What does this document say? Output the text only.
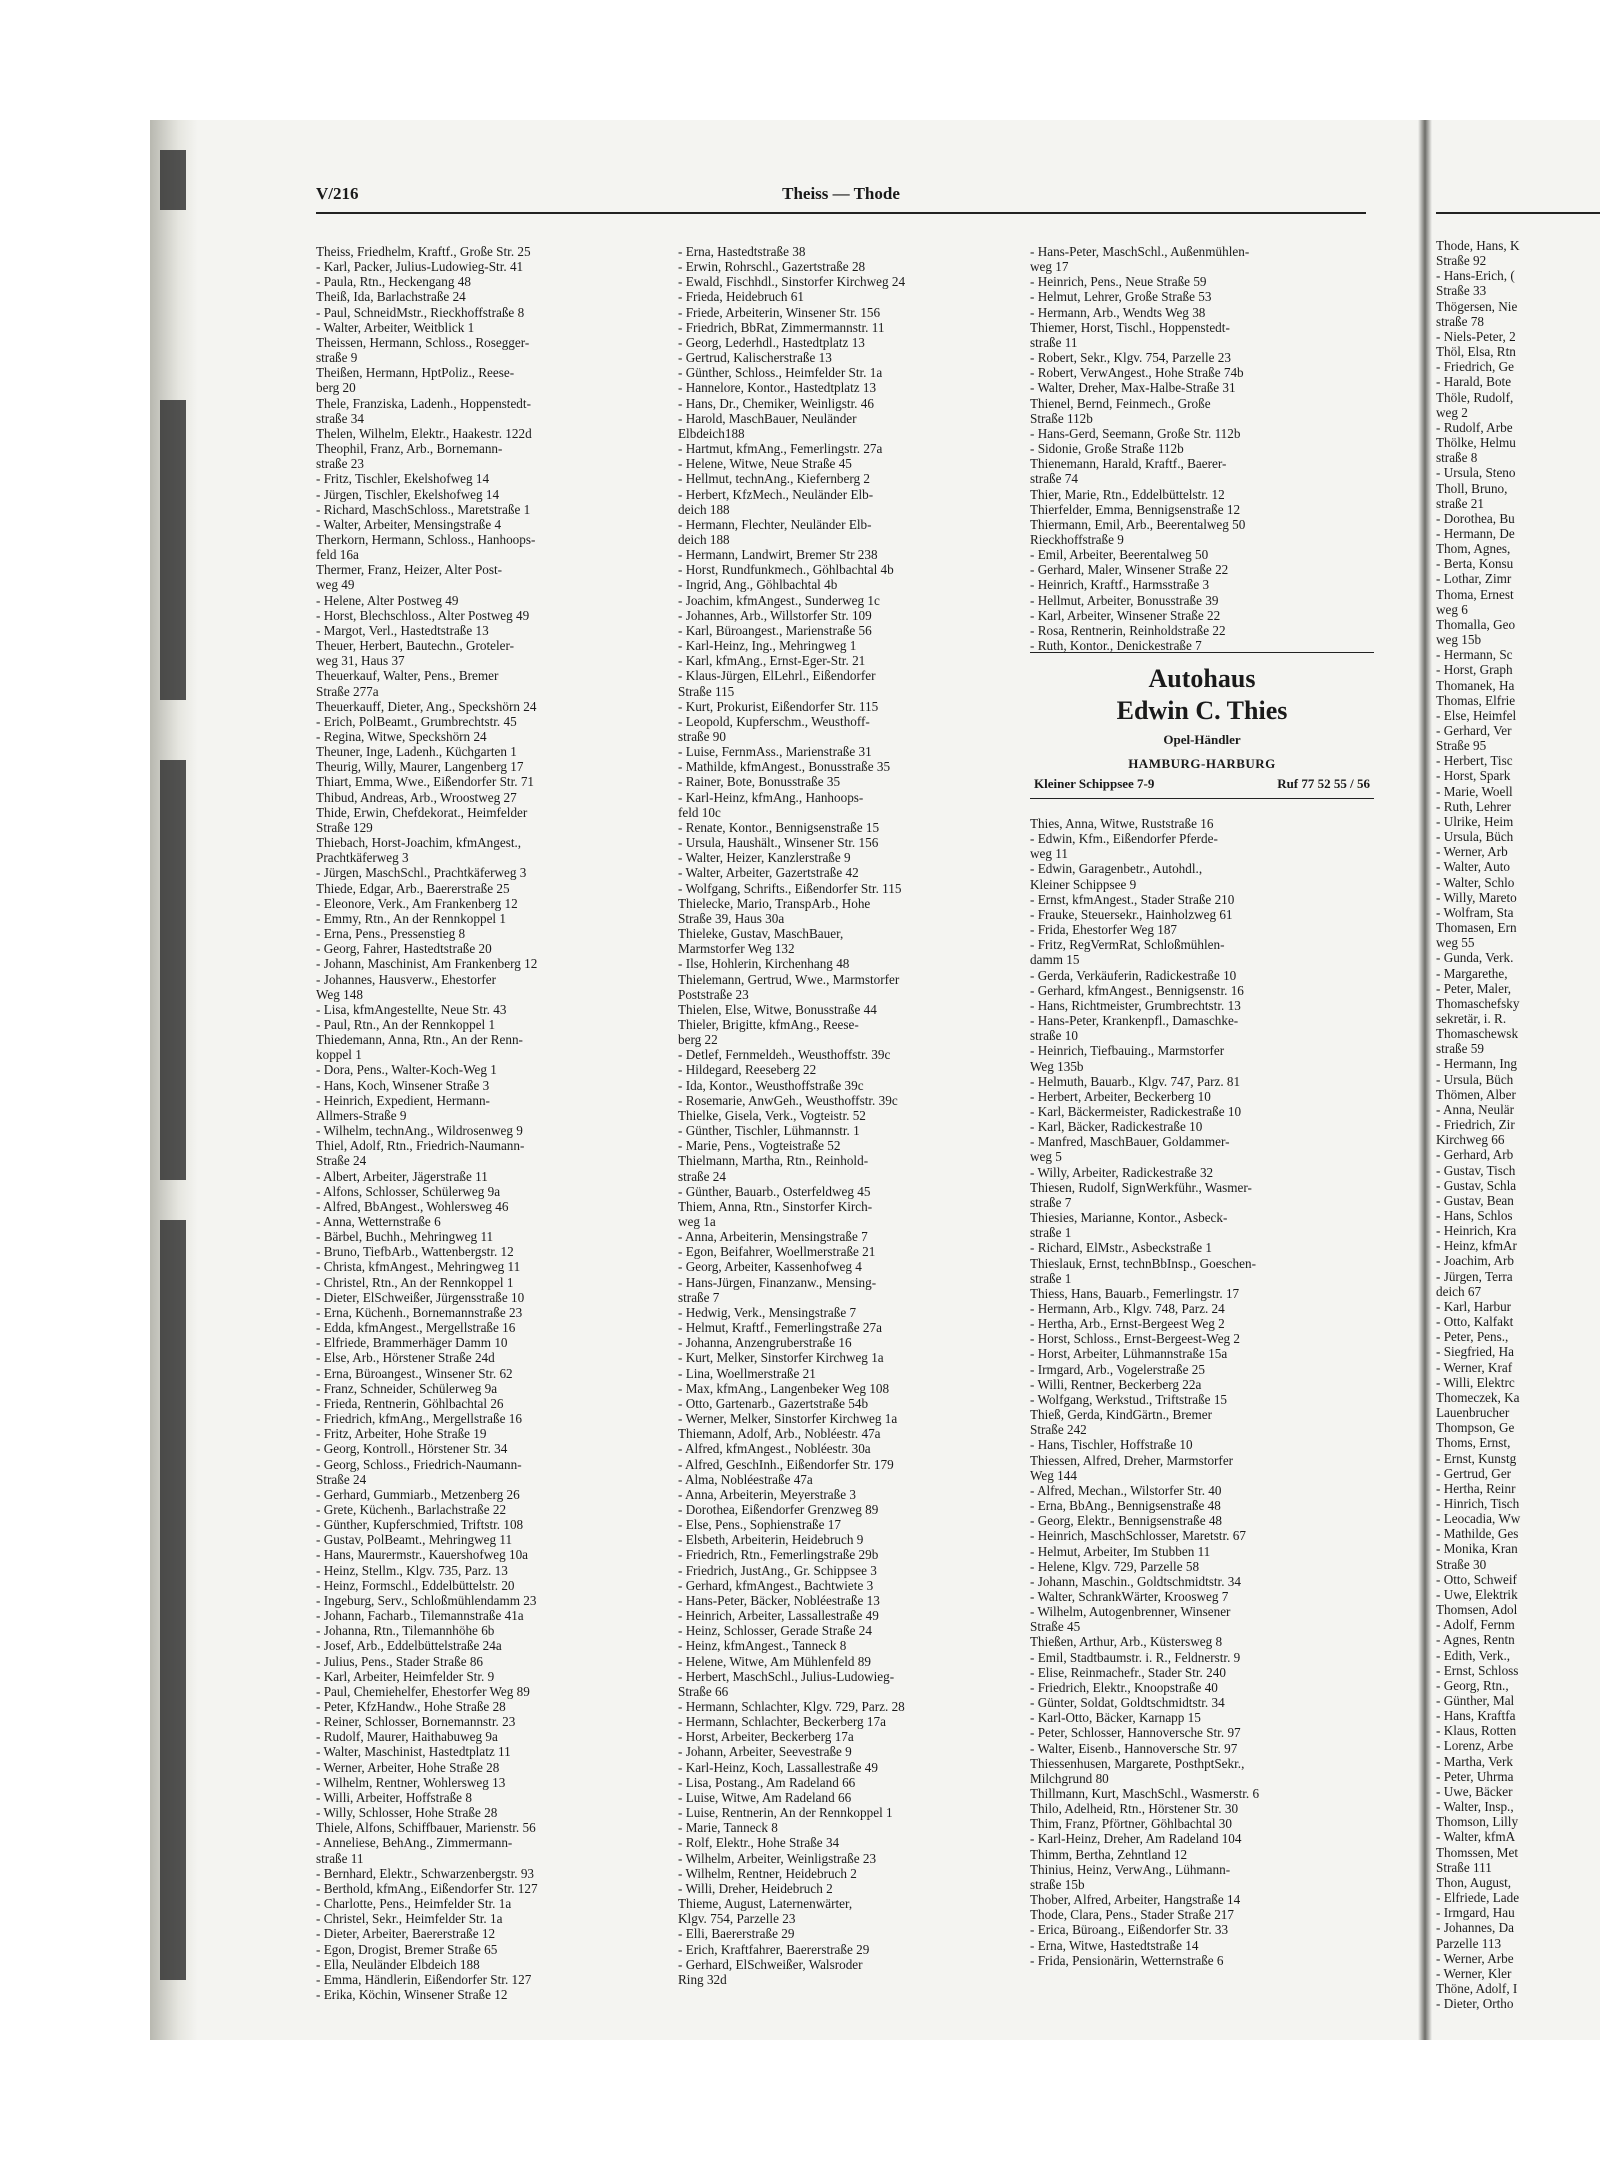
V/216	Theiss — Thode
Theiss, Friedhelm, Kraftf., Große Str. 25
- Karl, Packer, Julius-Ludowieg-Str. 41
- Paula, Rtn., Heckengang 48
Theiß, Ida, Barlachstraße 24
- Paul, SchneidMstr., Rieckhoffstraße 8
- Walter, Arbeiter, Weitblick 1
Theissen, Hermann, Schloss., Rosegger-
straße 9
Theißen, Hermann, HptPoliz., Reese-
berg 20
Thele, Franziska, Ladenh., Hoppenstedt-
straße 34
Thelen, Wilhelm, Elektr., Haakestr. 122d
Theophil, Franz, Arb., Bornemann-
straße 23
- Fritz, Tischler, Ekelshofweg 14
- Jürgen, Tischler, Ekelshofweg 14
- Richard, MaschSchloss., Maretstraße 1
- Walter, Arbeiter, Mensingstraße 4
Therkorn, Hermann, Schloss., Hanhoops-
feld 16a
Thermer, Franz, Heizer, Alter Post-
weg 49
- Helene, Alter Postweg 49
- Horst, Blechschloss., Alter Postweg 49
- Margot, Verl., Hastedtstraße 13
Theuer, Herbert, Bautechn., Groteler-
weg 31, Haus 37
Theuerkauf, Walter, Pens., Bremer
Straße 277a
Theuerkauff, Dieter, Ang., Speckshörn 24
- Erich, PolBeamt., Grumbrechtstr. 45
- Regina, Witwe, Speckshörn 24
Theuner, Inge, Ladenh., Küchgarten 1
Theurig, Willy, Maurer, Langenberg 17
Thiart, Emma, Wwe., Eißendorfer Str. 71
Thibud, Andreas, Arb., Wroostweg 27
Thide, Erwin, Chefdekorat., Heimfelder
Straße 129
Thiebach, Horst-Joachim, kfmAngest.,
Prachtkäferweg 3
- Jürgen, MaschSchl., Prachtkäferweg 3
Thiede, Edgar, Arb., Baererstraße 25
- Eleonore, Verk., Am Frankenberg 12
- Emmy, Rtn., An der Rennkoppel 1
- Erna, Pens., Pressenstieg 8
- Georg, Fahrer, Hastedtstraße 20
- Johann, Maschinist, Am Frankenberg 12
- Johannes, Hausverw., Ehestorfer
Weg 148
- Lisa, kfmAngestellte, Neue Str. 43
- Paul, Rtn., An der Rennkoppel 1
Thiedemann, Anna, Rtn., An der Renn-
koppel 1
- Dora, Pens., Walter-Koch-Weg 1
- Hans, Koch, Winsener Straße 3
- Heinrich, Expedient, Hermann-
Allmers-Straße 9
- Wilhelm, technAng., Wildrosenweg 9
Thiel, Adolf, Rtn., Friedrich-Naumann-
Straße 24
- Albert, Arbeiter, Jägerstraße 11
- Alfons, Schlosser, Schülerweg 9a
- Alfred, BbAngest., Wohlersweg 46
- Anna, Wetternstraße 6
- Bärbel, Buchh., Mehringweg 11
- Bruno, TiefbArb., Wattenbergstr. 12
- Christa, kfmAngest., Mehringweg 11
- Christel, Rtn., An der Rennkoppel 1
- Dieter, ElSchweißer, Jürgensstraße 10
- Erna, Küchenh., Bornemannstraße 23
- Edda, kfmAngest., Mergellstraße 16
- Elfriede, Brammerhäger Damm 10
- Else, Arb., Hörstener Straße 24d
- Erna, Büroangest., Winsener Str. 62
- Franz, Schneider, Schülerweg 9a
- Frieda, Rentnerin, Göhlbachtal 26
- Friedrich, kfmAng., Mergellstraße 16
- Fritz, Arbeiter, Hohe Straße 19
- Georg, Kontroll., Hörstener Str. 34
- Georg, Schloss., Friedrich-Naumann-
Straße 24
- Gerhard, Gummiarb., Metzenberg 26
- Grete, Küchenh., Barlachstraße 22
- Günther, Kupferschmied, Triftstr. 108
- Gustav, PolBeamt., Mehringweg 11
- Hans, Maurermstr., Kauershofweg 10a
- Heinz, Stellm., Klgv. 735, Parz. 13
- Heinz, Formschl., Eddelbüttelstr. 20
- Ingeburg, Serv., Schloßmühlendamm 23
- Johann, Facharb., Tilemannstraße 41a
- Johanna, Rtn., Tilemannhöhe 6b
- Josef, Arb., Eddelbüttelstraße 24a
- Julius, Pens., Stader Straße 86
- Karl, Arbeiter, Heimfelder Str. 9
- Paul, Chemiehelfer, Ehestorfer Weg 89
- Peter, KfzHandw., Hohe Straße 28
- Reiner, Schlosser, Bornemannstr. 23
- Rudolf, Maurer, Haithabuweg 9a
- Walter, Maschinist, Hastedtplatz 11
- Werner, Arbeiter, Hohe Straße 28
- Wilhelm, Rentner, Wohlersweg 13
- Willi, Arbeiter, Hoffstraße 8
- Willy, Schlosser, Hohe Straße 28
Thiele, Alfons, Schiffbauer, Marienstr. 56
- Anneliese, BehAng., Zimmermann-
straße 11
- Bernhard, Elektr., Schwarzenbergstr. 93
- Berthold, kfmAng., Eißendorfer Str. 127
- Charlotte, Pens., Heimfelder Str. 1a
- Christel, Sekr., Heimfelder Str. 1a
- Dieter, Arbeiter, Baererstraße 12
- Egon, Drogist, Bremer Straße 65
- Ella, Neuländer Elbdeich 188
- Emma, Händlerin, Eißendorfer Str. 127
- Erika, Köchin, Winsener Straße 12
- Erna, Hastedtstraße 38
- Erwin, Rohrschl., Gazertstraße 28
- Ewald, Fischhdl., Sinstorfer Kirchweg 24
- Frieda, Heidebruch 61
- Friede, Arbeiterin, Winsener Str. 156
- Friedrich, BbRat, Zimmermannstr. 11
- Georg, Lederhdl., Hastedtplatz 13
- Gertrud, Kalischerstraße 13
- Günther, Schloss., Heimfelder Str. 1a
- Hannelore, Kontor., Hastedtplatz 13
- Hans, Dr., Chemiker, Weinligstr. 46
- Harold, MaschBauer, Neuländer
Elbdeich188
- Hartmut, kfmAng., Femerlingstr. 27a
- Helene, Witwe, Neue Straße 45
- Hellmut, technAng., Kiefernberg 2
- Herbert, KfzMech., Neuländer Elb-
deich 188
- Hermann, Flechter, Neuländer Elb-
deich 188
- Hermann, Landwirt, Bremer Str 238
- Horst, Rundfunkmech., Göhlbachtal 4b
- Ingrid, Ang., Göhlbachtal 4b
- Joachim, kfmAngest., Sunderweg 1c
- Johannes, Arb., Willstorfer Str. 109
- Karl, Büroangest., Marienstraße 56
- Karl-Heinz, Ing., Mehringweg 1
- Karl, kfmAng., Ernst-Eger-Str. 21
- Klaus-Jürgen, ElLehrl., Eißendorfer
Straße 115
- Kurt, Prokurist, Eißendorfer Str. 115
- Leopold, Kupferschm., Weusthoff-
straße 90
- Luise, FernmAss., Marienstraße 31
- Mathilde, kfmAngest., Bonusstraße 35
- Rainer, Bote, Bonusstraße 35
- Karl-Heinz, kfmAng., Hanhoops-
feld 10c
- Renate, Kontor., Bennigsenstraße 15
- Ursula, Haushält., Winsener Str. 156
- Walter, Heizer, Kanzlerstraße 9
- Walter, Arbeiter, Gazertstraße 42
- Wolfgang, Schrifts., Eißendorfer Str. 115
Thielecke, Mario, TranspArb., Hohe
Straße 39, Haus 30a
Thieleke, Gustav, MaschBauer,
Marmstorfer Weg 132
- Ilse, Hohlerin, Kirchenhang 48
Thielemann, Gertrud, Wwe., Marmstorfer
Poststraße 23
Thielen, Else, Witwe, Bonusstraße 44
Thieler, Brigitte, kfmAng., Reese-
berg 22
- Detlef, Fernmeldeh., Weusthoffstr. 39c
- Hildegard, Reeseberg 22
- Ida, Kontor., Weusthoffstraße 39c
- Rosemarie, AnwGeh., Weusthoffstr. 39c
Thielke, Gisela, Verk., Vogteistr. 52
- Günther, Tischler, Lühmannstr. 1
- Marie, Pens., Vogteistraße 52
Thielmann, Martha, Rtn., Reinhold-
straße 24
- Günther, Bauarb., Osterfeldweg 45
Thiem, Anna, Rtn., Sinstorfer Kirch-
weg 1a
- Anna, Arbeiterin, Mensingstraße 7
- Egon, Beifahrer, Woellmerstraße 21
- Georg, Arbeiter, Kassenhofweg 4
- Hans-Jürgen, Finanzanw., Mensing-
straße 7
- Hedwig, Verk., Mensingstraße 7
- Helmut, Kraftf., Femerlingstraße 27a
- Johanna, Anzengruberstraße 16
- Kurt, Melker, Sinstorfer Kirchweg 1a
- Lina, Woellmerstraße 21
- Max, kfmAng., Langenbeker Weg 108
- Otto, Gartenarb., Gazertstraße 54b
- Werner, Melker, Sinstorfer Kirchweg 1a
Thiemann, Adolf, Arb., Nobléestr. 47a
- Alfred, kfmAngest., Nobléestr. 30a
- Alfred, GeschInh., Eißendorfer Str. 179
- Alma, Nobléestraße 47a
- Anna, Arbeiterin, Meyerstraße 3
- Dorothea, Eißendorfer Grenzweg 89
- Else, Pens., Sophienstraße 17
- Elsbeth, Arbeiterin, Heidebruch 9
- Friedrich, Rtn., Femerlingstraße 29b
- Friedrich, JustAng., Gr. Schippsee 3
- Gerhard, kfmAngest., Bachtwiete 3
- Hans-Peter, Bäcker, Nobléestraße 13
- Heinrich, Arbeiter, Lassallestraße 49
- Heinz, Schlosser, Gerade Straße 24
- Heinz, kfmAngest., Tanneck 8
- Helene, Witwe, Am Mühlenfeld 89
- Herbert, MaschSchl., Julius-Ludowieg-
Straße 66
- Hermann, Schlachter, Klgv. 729, Parz. 28
- Hermann, Schlachter, Beckerberg 17a
- Horst, Arbeiter, Beckerberg 17a
- Johann, Arbeiter, Seevestraße 9
- Karl-Heinz, Koch, Lassallestraße 49
- Lisa, Postang., Am Radeland 66
- Luise, Witwe, Am Radeland 66
- Luise, Rentnerin, An der Rennkoppel 1
- Marie, Tanneck 8
- Rolf, Elektr., Hohe Straße 34
- Wilhelm, Arbeiter, Weinligstraße 23
- Wilhelm, Rentner, Heidebruch 2
- Willi, Dreher, Heidebruch 2
Thieme, August, Laternenwärter,
Klgv. 754, Parzelle 23
- Elli, Baererstraße 29
- Erich, Kraftfahrer, Baererstraße 29
- Gerhard, ElSchweißer, Walsroder
Ring 32d
- Hans-Peter, MaschSchl., Außenmühlen-
weg 17
- Heinrich, Pens., Neue Straße 59
- Helmut, Lehrer, Große Straße 53
- Hermann, Arb., Wendts Weg 38
Thiemer, Horst, Tischl., Hoppenstedt-
straße 11
- Robert, Sekr., Klgv. 754, Parzelle 23
- Robert, VerwAngest., Hohe Straße 74b
- Walter, Dreher, Max-Halbe-Straße 31
Thienel, Bernd, Feinmech., Große
Straße 112b
- Hans-Gerd, Seemann, Große Str. 112b
- Sidonie, Große Straße 112b
Thienemann, Harald, Kraftf., Baerer-
straße 74
Thier, Marie, Rtn., Eddelbüttelstr. 12
Thierfelder, Emma, Bennigsenstraße 12
Thiermann, Emil, Arb., Beerentalweg 50
Rieckhoffstraße 9
- Emil, Arbeiter, Beerentalweg 50
- Gerhard, Maler, Winsener Straße 22
- Heinrich, Kraftf., Harmsstraße 3
- Hellmut, Arbeiter, Bonusstraße 39
- Karl, Arbeiter, Winsener Straße 22
- Rosa, Rentnerin, Reinholdstraße 22
- Ruth, Kontor., Denickestraße 7
Autohaus
Edwin C. Thies
Opel-Händler
HAMBURG-HARBURG
Kleiner Schippsee 7-9	Ruf 77 52 55 / 56
Thies, Anna, Witwe, Ruststraße 16
- Edwin, Kfm., Eißendorfer Pferde-
weg 11
- Edwin, Garagenbetr., Autohdl.,
Kleiner Schippsee 9
- Ernst, kfmAngest., Stader Straße 210
- Frauke, Steuersekr., Hainholzweg 61
- Frida, Ehestorfer Weg 187
- Fritz, RegVermRat, Schloßmühlen-
damm 15
- Gerda, Verkäuferin, Radickestraße 10
- Gerhard, kfmAngest., Bennigsenstr. 16
- Hans, Richtmeister, Grumbrechtstr. 13
- Hans-Peter, Krankenpfl., Damaschke-
straße 10
- Heinrich, Tiefbauing., Marmstorfer
Weg 135b
- Helmuth, Bauarb., Klgv. 747, Parz. 81
- Herbert, Arbeiter, Beckerberg 10
- Karl, Bäckermeister, Radickestraße 10
- Karl, Bäcker, Radickestraße 10
- Manfred, MaschBauer, Goldammer-
weg 5
- Willy, Arbeiter, Radickestraße 32
Thiesen, Rudolf, SignWerkführ., Wasmer-
straße 7
Thiesies, Marianne, Kontor., Asbeck-
straße 1
- Richard, ElMstr., Asbeckstraße 1
Thieslauk, Ernst, technBbInsp., Goeschen-
straße 1
Thiess, Hans, Bauarb., Femerlingstr. 17
- Hermann, Arb., Klgv. 748, Parz. 24
- Hertha, Arb., Ernst-Bergeest Weg 2
- Horst, Schloss., Ernst-Bergeest-Weg 2
- Horst, Arbeiter, Lühmannstraße 15a
- Irmgard, Arb., Vogelerstraße 25
- Willi, Rentner, Beckerberg 22a
- Wolfgang, Werkstud., Triftstraße 15
Thieß, Gerda, KindGärtn., Bremer
Straße 242
- Hans, Tischler, Hoffstraße 10
Thiessen, Alfred, Dreher, Marmstorfer
Weg 144
- Alfred, Mechan., Wilstorfer Str. 40
- Erna, BbAng., Bennigsenstraße 48
- Georg, Elektr., Bennigsenstraße 48
- Heinrich, MaschSchlosser, Maretstr. 67
- Helmut, Arbeiter, Im Stubben 11
- Helene, Klgv. 729, Parzelle 58
- Johann, Maschin., Goldtschmidtstr. 34
- Walter, SchrankWärter, Kroosweg 7
- Wilhelm, Autogenbrenner, Winsener
Straße 45
Thießen, Arthur, Arb., Küstersweg 8
- Emil, Stadtbaumstr. i. R., Feldnerstr. 9
- Elise, Reinmachefr., Stader Str. 240
- Friedrich, Elektr., Knoopstraße 40
- Günter, Soldat, Goldtschmidtstr. 34
- Karl-Otto, Bäcker, Karnapp 15
- Peter, Schlosser, Hannoversche Str. 97
- Walter, Eisenb., Hannoversche Str. 97
Thiessenhusen, Margarete, PosthptSekr.,
Milchgrund 80
Thillmann, Kurt, MaschSchl., Wasmerstr. 6
Thilo, Adelheid, Rtn., Hörstener Str. 30
Thim, Franz, Pförtner, Göhlbachtal 30
- Karl-Heinz, Dreher, Am Radeland 104
Thimm, Bertha, Zehntland 12
Thinius, Heinz, VerwAng., Lühmann-
straße 15b
Thober, Alfred, Arbeiter, Hangstraße 14
Thode, Clara, Pens., Stader Straße 217
- Erica, Büroang., Eißendorfer Str. 33
- Erna, Witwe, Hastedtstraße 14
- Frida, Pensionärin, Wetternstraße 6
Thode, Hans, K
Straße 92
- Hans-Erich, (
Straße 33
Thögersen, Nie
straße 78
- Niels-Peter, 2
Thöl, Elsa, Rtn
- Friedrich, Ge
- Harald, Bote
Thöle, Rudolf,
weg 2
- Rudolf, Arbe
Thölke, Helmu
straße 8
- Ursula, Steno
Tholl, Bruno,
straße 21
- Dorothea, Bu
- Hermann, De
Thom, Agnes,
- Berta, Konsu
- Lothar, Zimr
Thoma, Ernest
weg 6
Thomalla, Geo
weg 15b
- Hermann, Sc
- Horst, Graph
Thomanek, Ha
Thomas, Elfrie
- Else, Heimfel
- Gerhard, Ver
Straße 95
- Herbert, Tisc
- Horst, Spark
- Marie, Woell
- Ruth, Lehrer
- Ulrike, Heim
- Ursula, Büch
- Werner, Arb
- Walter, Auto
- Walter, Schlo
- Willy, Mareto
- Wolfram, Sta
Thomasen, Ern
weg 55
- Gunda, Verk.
- Margarethe,
- Peter, Maler,
Thomaschefsky
sekretär, i. R.
Thomaschewsk
straße 59
- Hermann, Ing
- Ursula, Büch
Thömen, Alber
- Anna, Neulär
- Friedrich, Zir
Kirchweg 66
- Gerhard, Arb
- Gustav, Tisch
- Gustav, Schla
- Gustav, Bean
- Hans, Schlos
- Heinrich, Kra
- Heinz, kfmAr
- Joachim, Arb
- Jürgen, Terra
deich 67
- Karl, Harbur
- Otto, Kalfakt
- Peter, Pens.,
- Siegfried, Ha
- Werner, Kraf
- Willi, Elektrc
Thomeczek, Ka
Lauenbrucher
Thompson, Ge
Thoms, Ernst,
- Ernst, Kunstg
- Gertrud, Ger
- Hertha, Reinr
- Hinrich, Tisch
- Leocadia, Ww
- Mathilde, Ges
- Monika, Kran
Straße 30
- Otto, Schweif
- Uwe, Elektrik
Thomsen, Adol
- Adolf, Fernm
- Agnes, Rentn
- Edith, Verk.,
- Ernst, Schloss
- Georg, Rtn.,
- Günther, Mal
- Hans, Kraftfa
- Klaus, Rotten
- Lorenz, Arbe
- Martha, Verk
- Peter, Uhrma
- Uwe, Bäcker
- Walter, Insp.,
Thomson, Lilly
- Walter, kfmA
Thomssen, Met
Straße 111
Thon, August,
- Elfriede, Lade
- Irmgard, Hau
- Johannes, Da
Parzelle 113
- Werner, Arbe
- Werner, Kler
Thöne, Adolf, I
- Dieter, Ortho
